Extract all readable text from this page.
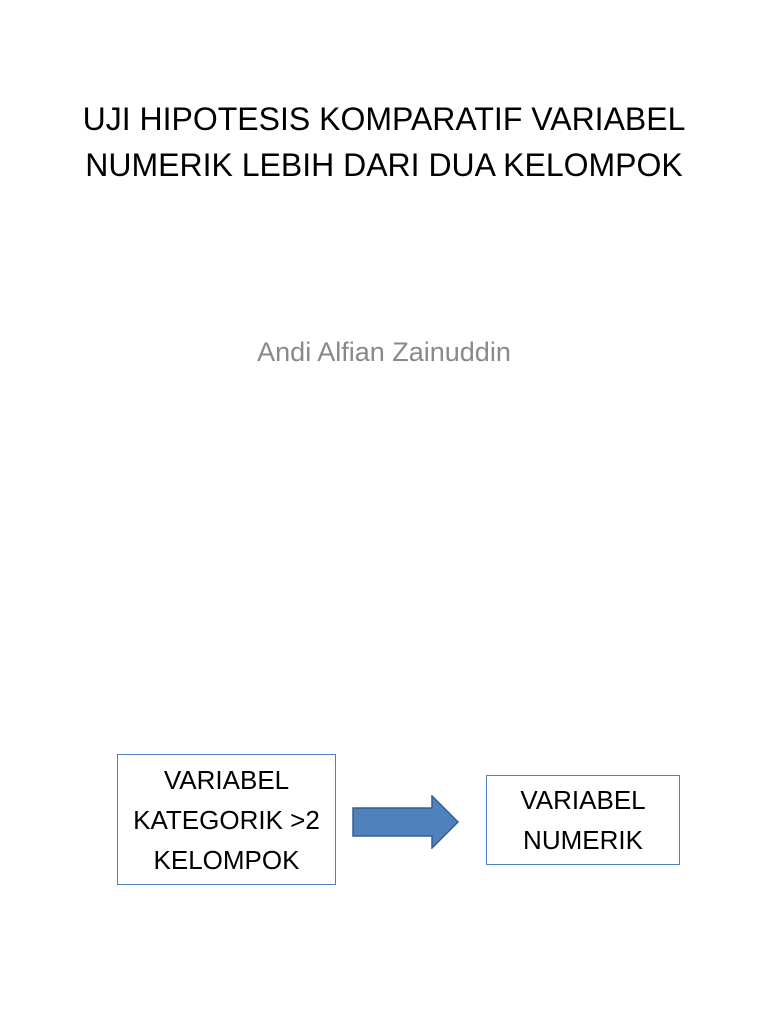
UJI HIPOTESIS KOMPARATIF VARIABEL
NUMERIK LEBIH DARI DUA KELOMPOK
Andi Alfian Zainuddin
VARIABEL
KATEGORIK >2
KELOMPOK
VARIABEL
NUMERIK
